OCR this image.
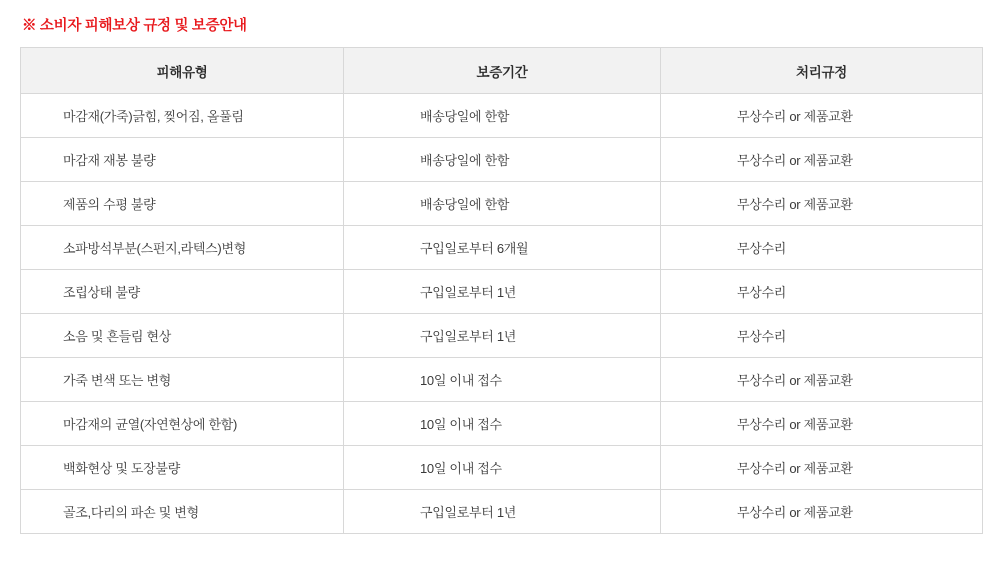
※ 소비자 피해보상 규정 및 보증안내
피해유형	보증기간	처리규정
마감재(가죽)긁힘, 찢어짐, 올풀림	배송당일에 한함	무상수리 or 제품교환
마감재 재봉 불량	배송당일에 한함	무상수리 or 제품교환
제품의 수평 불량	배송당일에 한함	무상수리 or 제품교환
소파방석부분(스펀지,라텍스)변형	구입일로부터 6개월	무상수리
조립상태 불량	구입일로부터 1년	무상수리
소음 및 흔들림 현상	구입일로부터 1년	무상수리
가죽 변색 또는 변형	10일 이내 접수	무상수리 or 제품교환
마감재의 균열(자연현상에 한함)	10일 이내 접수	무상수리 or 제품교환
백화현상 및 도장불량	10일 이내 접수	무상수리 or 제품교환
골조,다리의 파손 및 변형	구입일로부터 1년	무상수리 or 제품교환
